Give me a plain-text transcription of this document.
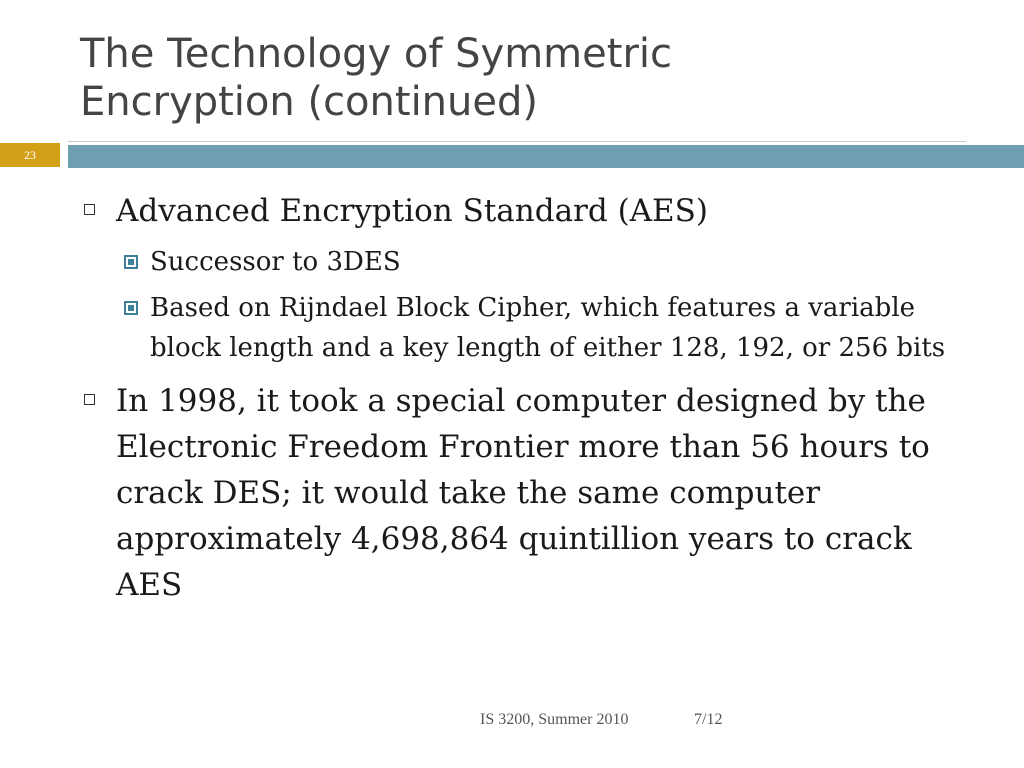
The Technology of Symmetric
Encryption (continued)
23
Advanced Encryption Standard (AES)
Successor to 3DES
Based on Rijndael Block Cipher, which features a variable block length and a key length of either 128, 192, or 256 bits
In 1998, it took a special computer designed by the Electronic Freedom Frontier more than 56 hours to crack DES; it would take the same computer approximately 4,698,864 quintillion years to crack AES
IS 3200, Summer 2010	7/12
